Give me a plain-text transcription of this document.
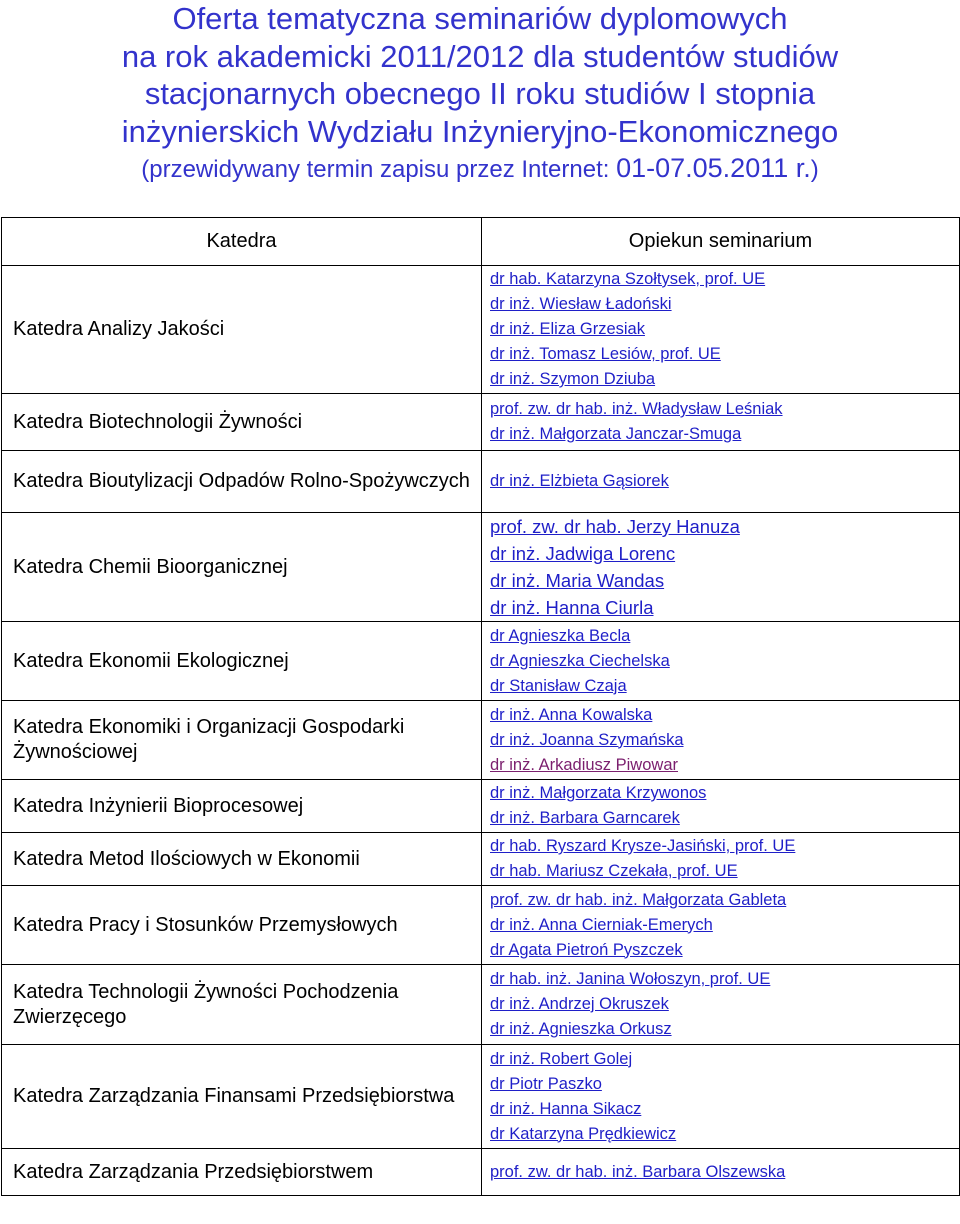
Oferta tematyczna seminariów dyplomowych
na rok akademicki 2011/2012 dla studentów studiów
stacjonarnych obecnego II roku studiów I stopnia
inżynierskich Wydziału Inżynieryjno-Ekonomicznego
(przewidywany termin zapisu przez Internet: 01-07.05.2011 r.)
Katedra	Opiekun seminarium
Katedra Analizy Jakości	dr hab. Katarzyna Szołtysek, prof. UE
dr inż. Wiesław Ładoński
dr inż. Eliza Grzesiak
dr inż. Tomasz Lesiów, prof. UE
dr inż. Szymon Dziuba

Katedra Biotechnologii Żywności	prof. zw. dr hab. inż. Władysław Leśniak
dr inż. Małgorzata Janczar-Smuga

Katedra Bioutylizacji Odpadów Rolno-Spożywczych	dr inż. Elżbieta Gąsiorek

Katedra Chemii Bioorganicznej	prof. zw. dr hab. Jerzy Hanuza
dr inż. Jadwiga Lorenc
dr inż. Maria Wandas
dr inż. Hanna Ciurla

Katedra Ekonomii Ekologicznej	dr Agnieszka Becla
dr Agnieszka Ciechelska
dr Stanisław Czaja

Katedra Ekonomiki i Organizacji Gospodarki Żywnościowej	dr inż. Anna Kowalska
dr inż. Joanna Szymańska
dr inż. Arkadiusz Piwowar

Katedra Inżynierii Bioprocesowej	dr inż. Małgorzata Krzywonos
dr inż. Barbara Garncarek

Katedra Metod Ilościowych w Ekonomii	dr hab. Ryszard Krysze-Jasiński, prof. UE
dr hab. Mariusz Czekała, prof. UE

Katedra Pracy i Stosunków Przemysłowych	prof. zw. dr hab. inż. Małgorzata Gableta
dr inż. Anna Cierniak-Emerych
dr Agata Pietroń Pyszczek

Katedra Technologii Żywności Pochodzenia Zwierzęcego	dr hab. inż. Janina Wołoszyn, prof. UE
dr inż. Andrzej Okruszek
dr inż. Agnieszka Orkusz

Katedra Zarządzania Finansami Przedsiębiorstwa	dr inż. Robert Golej
dr Piotr Paszko
dr inż. Hanna Sikacz
dr Katarzyna Prędkiewicz

Katedra Zarządzania Przedsiębiorstwem	prof. zw. dr hab. inż. Barbara Olszewska
